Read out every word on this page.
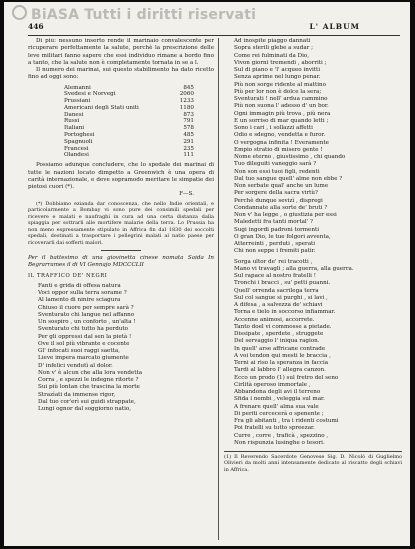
BiASA Tutti i diritti riservati
446	L' ALBUM

Di più: nessuno inserto rende il marinaio convalescente per ricuperare perfettamente la salute, perchè la prescrizione delle leve militari fanno sapere che essi individuo rimane a bordo fino a tanto, che la salute non è completamente tornata in se a l.

Il numero dei marinai, sui questo stabilimento ha dato ricetto fino ad oggi sono:

Alemanni	845
Svedesi e Norvegi	2060
Prussiani	1233
Americani degli Stati uniti	1180
Danesi	873
Russi	791
Italiani	578
Portoghesi	485
Spagnuoli	291
Francesi	235
Olandesi	111

Possiamo adunque concludere, che lo spedale dei marinai di tutte le nazioni locato dimpetto a Greenwich è una opera di carità internazionale, e deve sopramodo meritare le simpatie dei pietosi cuori (*).

F—S.

(*) Dobbiamo ezianda dar conoscenza, che nello Indie orientali, e particolarmente a Bombay vi sono pure dei consimili spedali per ricevere e malati e naufraghi in cura ad una certa distanza dalla spiaggia per sottrarli alle mortifere malarie della terra. Lo Prussia ha non meno espressamente stipulato in Affrica fin dal 1830 dei soccolti spedali, destinati a trasportare i pellegrini malati al natio paese per ricoverarli dai sofferti malori.

Per il battesimo di una giovinetta cinese nomata Saida In Begrarrames il di VI Gennajo MDCCCLII

IL TRAFFICO DE' NEGRI

Fanti e grida di offesa natura
Voci oppor sulla terra sorame ?
Al lamento di ninire sciagura
Chiuso il cuore per sempre sarà ?
Sventurato chi langue nel affanno
Un sospiro , un conforto , un'alta !
Sventurato chi tutto ha perduto
Per gli oppressi dal sen la pietà !
Ove il sol più vibrante e cocente
Gl' infocati suoi raggi saetta,
Lieve impera marcato giumente
D' infelici vendutì al dolor.
Non v' è alcun che alla lora vendetta
Corra , e spezzi le indegne ritorte ?
Sui più lontan che trascina la morte
Strazìati da immense rigor,
Dal tuo cor'erì sui guidi strappate,
Lungi ognor dal soggiorno natio,
Ad inospite piaggo dannati
Sopra sterili glebe a sudar ;
Come rei fulminati da Dio,
Vivon giorni tremendi , aborriti ;
Sul di piano e 'l' acqueo invitti
Senza aprime nel lungo penar.
Più non sorge ridente al mattino
Più per lor non è dolce la sera;
Sventurati ! nell' ardua cammino
Più non suona l' adesso d' un bor.
Ogni immagin più trova , più nera
E un sorriso di mar quando letti ;
Sono i cari , i sollazzi affetti
Odio e sdegno, vendetta e furor.
O vergogna infinita ! Everamente
Empio stratio di misero gente !
Nome eterno , giustissimo , chi quando
Tuo dileguiti vaneggio sarà ?
Non son essi tuoi figli, redenti
Dal tuo sangue quell' alme non ebbe ?
Non serbate qual' anche un lume
Per sorgere della sacra virtù?
Perchè dunque sevizì , dispregi
Condannate alla sorte de' bruti ?
Non v' ha legge , o giustizia per essi
Maledetti fra tanti mortal' ?
Sugi ingordi padroni tormenti
O gran Dio, le tue folgori avventa,
Atterreinti , perduti , sperati
Chi non seppe i fremiti patir.
Sorga ultor de' rei tracotti ,
Mano vi travagli ; alla guerra, alla guerra.
Sul rapace al nostro fratelli !
Tronchi i bracci , su' petti puanni.
Quell' orrenda sacrilega terra
Sul col sangue si purghi , si lavi ,
A difesa , a salvezza de' schiavi
Torna e tielo in soccorso infiammar.
Accenne animosi, accorrete.
Tanto doel vi commosse a pietade.
Dissipate , sperdete , struggete
Del servaggio l' iniqua ragion.
In quell' arse affricane contrade
A voi tendon qui mesti le braccia ,
Terni ai riso la speranza in faccia
Tardi al labbro l' allegra canzon.
Ecco un prodo (1) sul fretro del seno
Cirlità operoso immortale ,
Abbandona degli avi il terreno
Sfida i nembi , veleggia sul mar.
A frenare quell' alma sua vale
Di periti cercecerà o spenente ;
Fra gli abitanti , tra i ridenti costumi
Poi fratelli su tutto spreezar.
Curre , corre , traficà , spezzino ,
Non rispunzia lusinghe o tesori.

(1) Il Reverendo Sacerdote Genovese Sig. D. Nicolò di Guglielmo Olivieri da molti anni intensamente dedicato al riscatto degli schiavi in Affrica.
